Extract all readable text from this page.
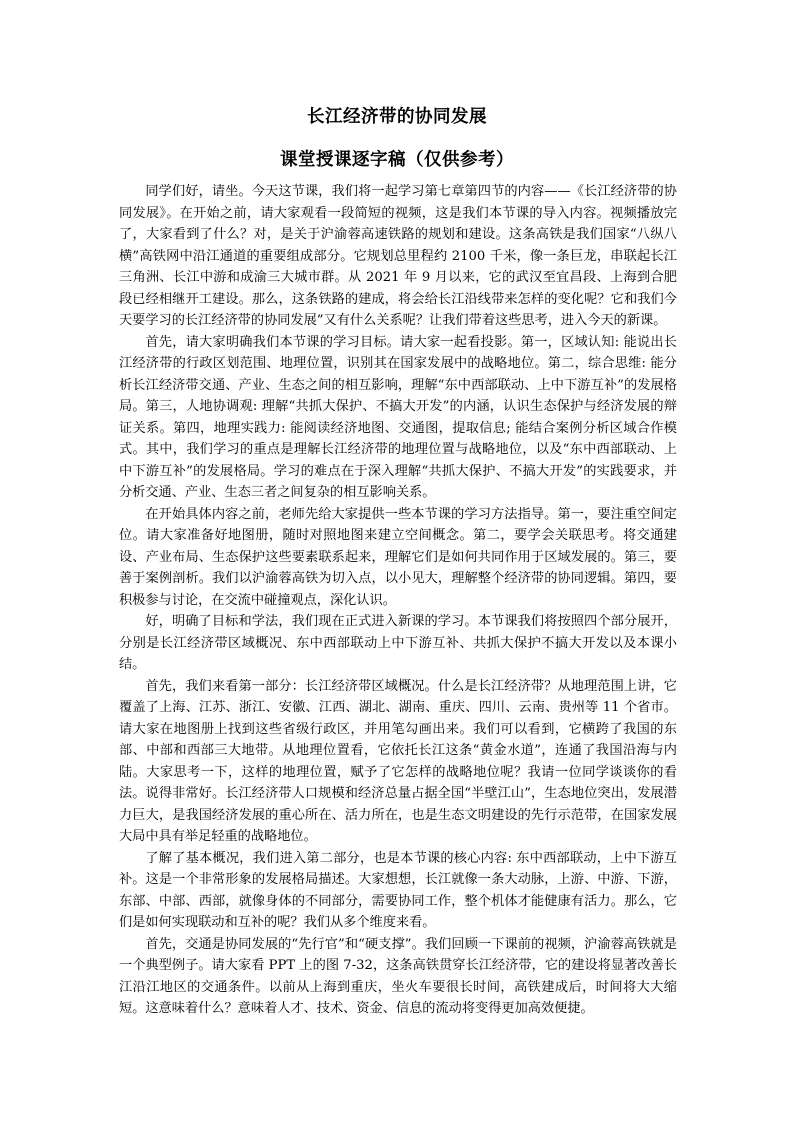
长江经济带的协同发展
课堂授课逐字稿（仅供参考）

同学们好，请坐。今天这节课，我们将一起学习第七章第四节的内容——《长江经济带的协同发展》。在开始之前，请大家观看一段简短的视频，这是我们本节课的导入内容。视频播放完了，大家看到了什么？对，是关于沪渝蓉高速铁路的规划和建设。这条高铁是我们国家“八纵八横”高铁网中沿江通道的重要组成部分。它规划总里程约 2100 千米，像一条巨龙，串联起长江三角洲、长江中游和成渝三大城市群。从 2021 年 9 月以来，它的武汉至宜昌段、上海到合肥段已经相继开工建设。那么，这条铁路的建成，将会给长江沿线带来怎样的变化呢？它和我们今天要学习的长江经济带的协同发展”又有什么关系呢？让我们带着这些思考，进入今天的新课。

首先，请大家明确我们本节课的学习目标。请大家一起看投影。第一，区域认知: 能说出长江经济带的行政区划范围、地理位置，识别其在国家发展中的战略地位。第二，综合思维: 能分析长江经济带交通、产业、生态之间的相互影响，理解“东中西部联动、上中下游互补”的发展格局。第三，人地协调观: 理解“共抓大保护、不搞大开发”的内涵，认识生态保护与经济发展的辩证关系。第四，地理实践力: 能阅读经济地图、交通图，提取信息; 能结合案例分析区域合作模式。其中，我们学习的重点是理解长江经济带的地理位置与战略地位，以及“东中西部联动、上中下游互补”的发展格局。学习的难点在于深入理解“共抓大保护、不搞大开发”的实践要求，并分析交通、产业、生态三者之间复杂的相互影响关系。

在开始具体内容之前，老师先给大家提供一些本节课的学习方法指导。第一，要注重空间定位。请大家准备好地图册，随时对照地图来建立空间概念。第二，要学会关联思考。将交通建设、产业布局、生态保护这些要素联系起来，理解它们是如何共同作用于区域发展的。第三，要善于案例剖析。我们以沪渝蓉高铁为切入点，以小见大，理解整个经济带的协同逻辑。第四，要积极参与讨论，在交流中碰撞观点，深化认识。

好，明确了目标和学法，我们现在正式进入新课的学习。本节课我们将按照四个部分展开，分别是长江经济带区域概况、东中西部联动上中下游互补、共抓大保护不搞大开发以及本课小结。

首先，我们来看第一部分：长江经济带区域概况。什么是长江经济带？从地理范围上讲，它覆盖了上海、江苏、浙江、安徽、江西、湖北、湖南、重庆、四川、云南、贵州等 11 个省市。请大家在地图册上找到这些省级行政区，并用笔勾画出来。我们可以看到，它横跨了我国的东部、中部和西部三大地带。从地理位置看，它依托长江这条“黄金水道”，连通了我国沿海与内陆。大家思考一下，这样的地理位置，赋予了它怎样的战略地位呢？我请一位同学谈谈你的看法。说得非常好。长江经济带人口规模和经济总量占据全国“半壁江山”，生态地位突出，发展潜力巨大，是我国经济发展的重心所在、活力所在，也是生态文明建设的先行示范带，在国家发展大局中具有举足轻重的战略地位。

了解了基本概况，我们进入第二部分，也是本节课的核心内容: 东中西部联动，上中下游互补。这是一个非常形象的发展格局描述。大家想想，长江就像一条大动脉，上游、中游、下游，东部、中部、西部，就像身体的不同部分，需要协同工作，整个机体才能健康有活力。那么，它们是如何实现联动和互补的呢？我们从多个维度来看。

首先，交通是协同发展的“先行官”和“硬支撑”。我们回顾一下课前的视频，沪渝蓉高铁就是一个典型例子。请大家看 PPT 上的图 7-32，这条高铁贯穿长江经济带，它的建设将显著改善长江沿江地区的交通条件。以前从上海到重庆，坐火车要很长时间，高铁建成后，时间将大大缩短。这意味着什么？意味着人才、技术、资金、信息的流动将变得更加高效便捷。
